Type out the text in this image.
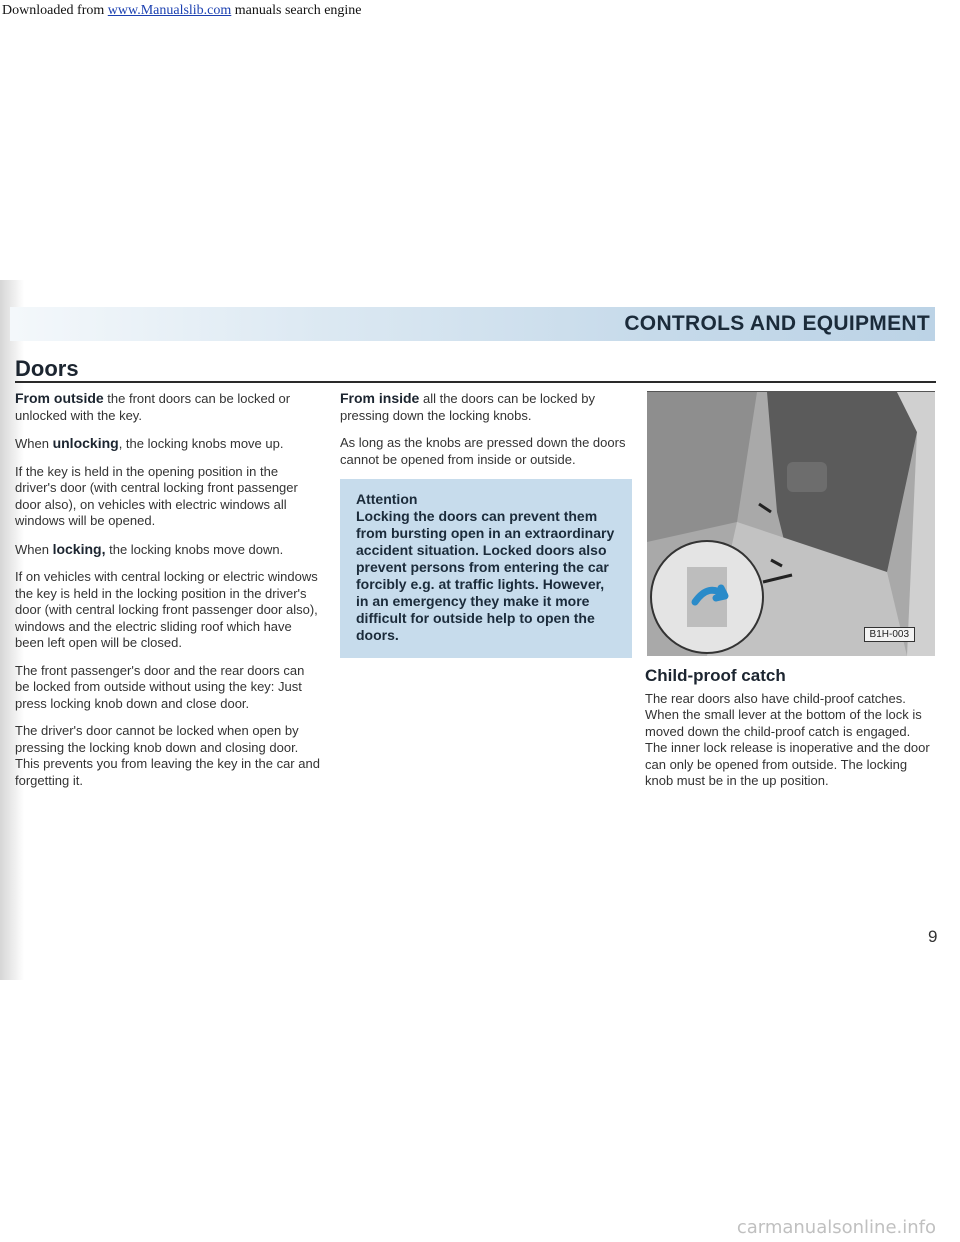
Downloaded from www.Manualslib.com manuals search engine
CONTROLS AND EQUIPMENT
Doors

From outside the front doors can be locked or unlocked with the key.

When unlocking, the locking knobs move up.

If the key is held in the opening position in the driver's door (with central locking front passenger door also), on vehicles with electric windows all windows will be opened.

When locking, the locking knobs move down.

If on vehicles with central locking or electric windows the key is held in the locking position in the driver's door (with central locking front passenger door also), windows and the electric sliding roof which have been left open will be closed.

The front passenger's door and the rear doors can be locked from outside without using the key: Just press locking knob down and close door.

The driver's door cannot be locked when open by pressing the locking knob down and closing door. This prevents you from leaving the key in the car and forgetting it.

From inside all the doors can be locked by pressing down the locking knobs.

As long as the knobs are pressed down the doors cannot be opened from inside or outside.

Attention
Locking the doors can prevent them from bursting open in an extraordinary accident situation. Locked doors also prevent persons from entering the car forcibly e.g. at traffic lights. However, in an emergency they make it more difficult for outside help to open the doors.	B1H-003
Child-proof catch

The rear doors also have child-proof catches. When the small lever at the bottom of the lock is moved down the child-proof catch is engaged. The inner lock release is inoperative and the door can only be opened from outside. The locking knob must be in the up position.

9
carmanualsonline.info
